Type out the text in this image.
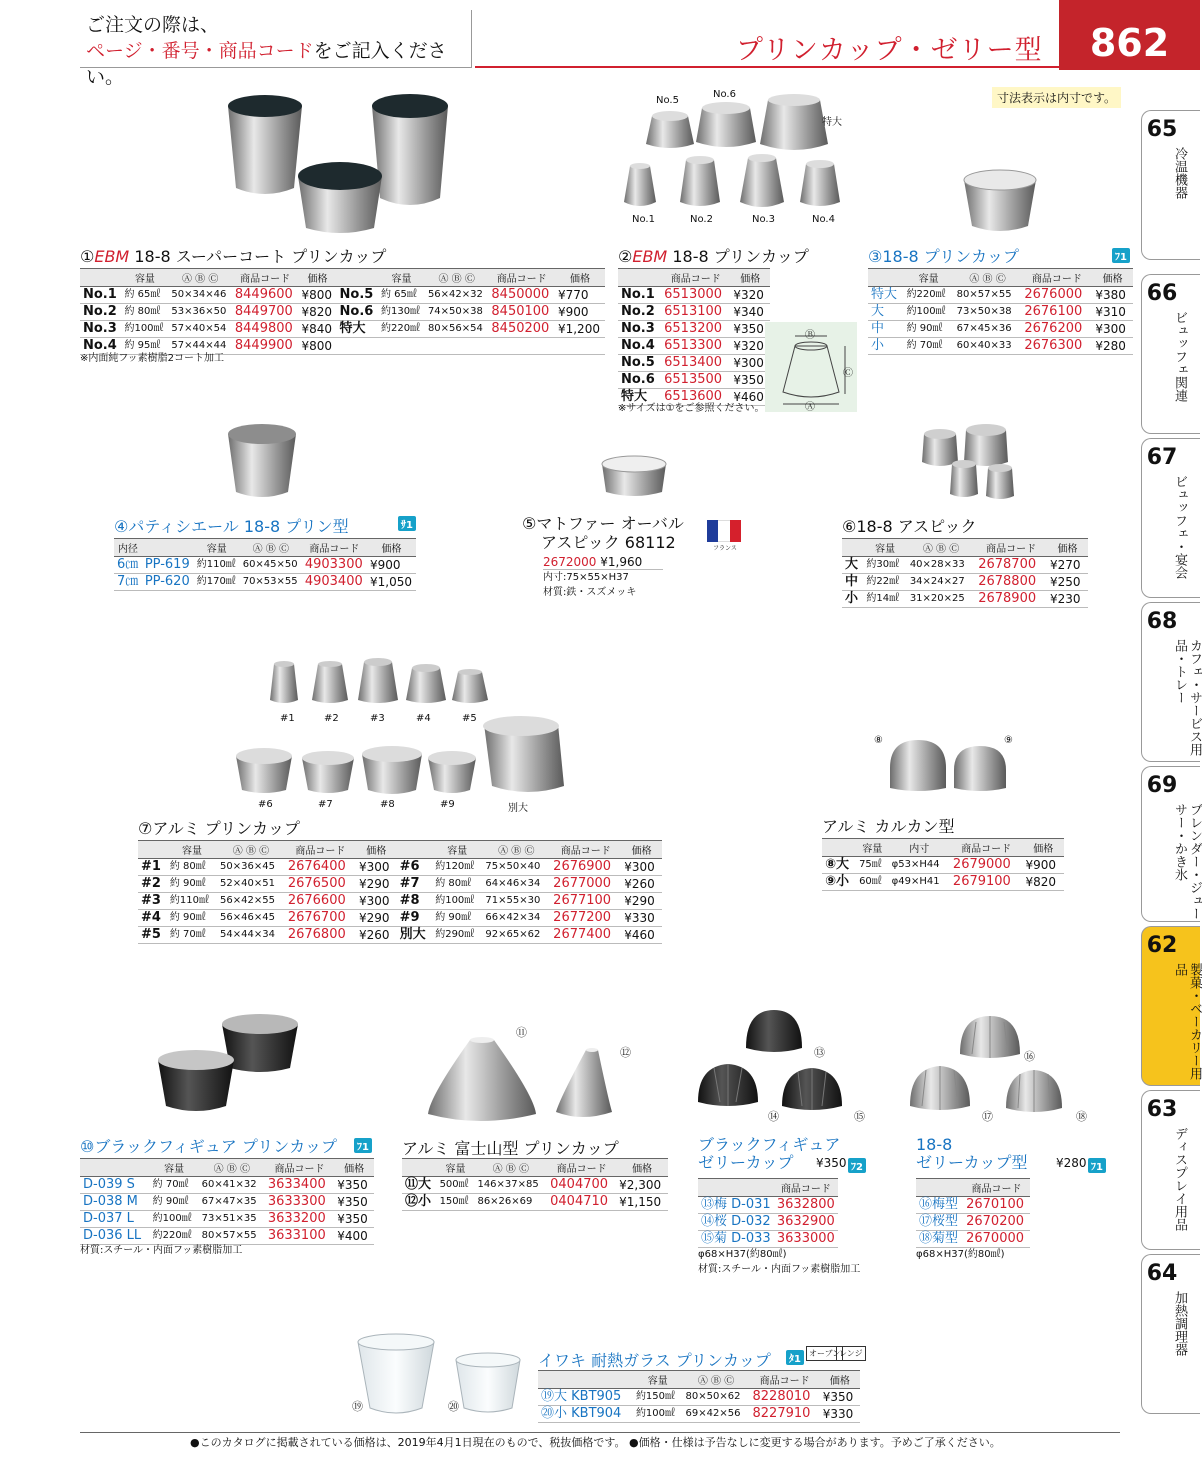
ご注文の際は、
ページ・番号・商品コードをご記入ください。
プリンカップ・ゼリー型	862
寸法表示は内寸です。
65
冷温機器
66
ビュッフェ関連
67
ビュッフェ・宴会
68
カフェ・サービス用品・トレー
69
ブレンダー・ジューサー・かき氷
62
製菓・ベーカリー用品
63
ディスプレイ用品
64
加熱調理器
①EBM 18-8 スーパーコート プリンカップ
	容量	Ⓐ Ⓑ Ⓒ	商品コード	価格		容量	Ⓐ Ⓑ Ⓒ	商品コード	価格
No.1	約 65㎖	50×34×46	8449600	¥800	No.5	約 65㎖	56×42×32	8450000	¥770
No.2	約 80㎖	53×36×50	8449700	¥820	No.6	約130㎖	74×50×38	8450100	¥900
No.3	約100㎖	57×40×54	8449800	¥840	特大	約220㎖	80×56×54	8450200	¥1,200
No.4	約 95㎖	57×44×44	8449900	¥800					
※内面純フッ素樹脂2コート加工
No.5
No.6
特大
No.1	No.2	No.3	No.4
②EBM 18-8 プリンカップ
	商品コード	価格
No.1	6513000	¥320
No.2	6513100	¥340
No.3	6513200	¥350
No.4	6513300	¥320
No.5	6513400	¥300
No.6	6513500	¥350
特大	6513600	¥460
※サイズは①をご参照ください。
Ⓑ
Ⓒ
Ⓐ
③18-8 プリンカップ	ﾌ1
	容量	Ⓐ Ⓑ Ⓒ	商品コード	価格
特大	約220㎖	80×57×55	2676000	¥380
大	約100㎖	73×50×38	2676100	¥310
中	約 90㎖	67×45×36	2676200	¥300
小	約 70㎖	60×40×33	2676300	¥280
④パティシエール 18-8 プリン型	ｻ1
内径		容量	Ⓐ Ⓑ Ⓒ	商品コード	価格
6㎝	PP-619	約110㎖	60×45×50	4903300	¥900
7㎝	PP-620	約170㎖	70×53×55	4903400	¥1,050
⑤マトファー オーバル
アスピック 68112	フランス
2672000 ¥1,960
内寸:75×55×H37
材質:鉄・スズメッキ
⑥18-8 アスピック
	容量	Ⓐ Ⓑ Ⓒ	商品コード	価格
大	約30㎖	40×28×33	2678700	¥270
中	約22㎖	34×24×27	2678800	¥250
小	約14㎖	31×20×25	2678900	¥230
#1	#2	#3	#4	#5
#6	#7	#8	#9	別大
⑦アルミ プリンカップ
	容量	Ⓐ Ⓑ Ⓒ	商品コード	価格		容量	Ⓐ Ⓑ Ⓒ	商品コード	価格
#1	約 80㎖	50×36×45	2676400	¥300	#6	約120㎖	75×50×40	2676900	¥300
#2	約 90㎖	52×40×51	2676500	¥290	#7	約 80㎖	64×46×34	2677000	¥260
#3	約110㎖	56×42×55	2676600	¥300	#8	約100㎖	71×55×30	2677100	¥290
#4	約 90㎖	56×46×45	2676700	¥290	#9	約 90㎖	66×42×34	2677200	¥330
#5	約 70㎖	54×44×34	2676800	¥260	別大	約290㎖	92×65×62	2677400	¥460
⑧	⑨
アルミ カルカン型
	容量	内寸	商品コード	価格
⑧大	75㎖	φ53×H44	2679000	¥900
⑨小	60㎖	φ49×H41	2679100	¥820
⑩ブラックフィギュア プリンカップ	ﾌ1
	容量	Ⓐ Ⓑ Ⓒ	商品コード	価格
D-039 S	約 70㎖	60×41×32	3633400	¥350
D-038 M	約 90㎖	67×47×35	3633300	¥350
D-037 L	約100㎖	73×51×35	3633200	¥350
D-036 LL	約220㎖	80×57×55	3633100	¥400
材質:スチール・内面フッ素樹脂加工
⑪
⑫
アルミ 富士山型 プリンカップ
	容量	Ⓐ Ⓑ Ⓒ	商品コード	価格
⑪大	500㎖	146×37×85	0404700	¥2,300
⑫小	150㎖	86×26×69	0404710	¥1,150
⑬
⑭	⑮
ブラックフィギュア
ゼリーカップ	¥350 ﾌ2
	商品コード
⑬梅 D-031	3632800
⑭桜 D-032	3632900
⑮菊 D-033	3633000
φ68×H37(約80㎖)
材質:スチール・内面フッ素樹脂加工
⑯
⑰	⑱
18-8
ゼリーカップ型 ¥280 ﾌ1
	商品コード
⑯梅型	2670100
⑰桜型	2670200
⑱菊型	2670000
φ68×H37(約80㎖)
⑲	⑳
イワキ 耐熱ガラス プリンカップ	ﾀ1
オーブン
レンジ
	容量	Ⓐ Ⓑ Ⓒ	商品コード	価格
⑲大 KBT905	約150㎖	80×50×62	8228010	¥350
⑳小 KBT904	約100㎖	69×42×56	8227910	¥330
●このカタログに掲載されている価格は、2019年4月1日現在のもので、税抜価格です。 ●価格・仕様は予告なしに変更する場合があります。予めご了承ください。
